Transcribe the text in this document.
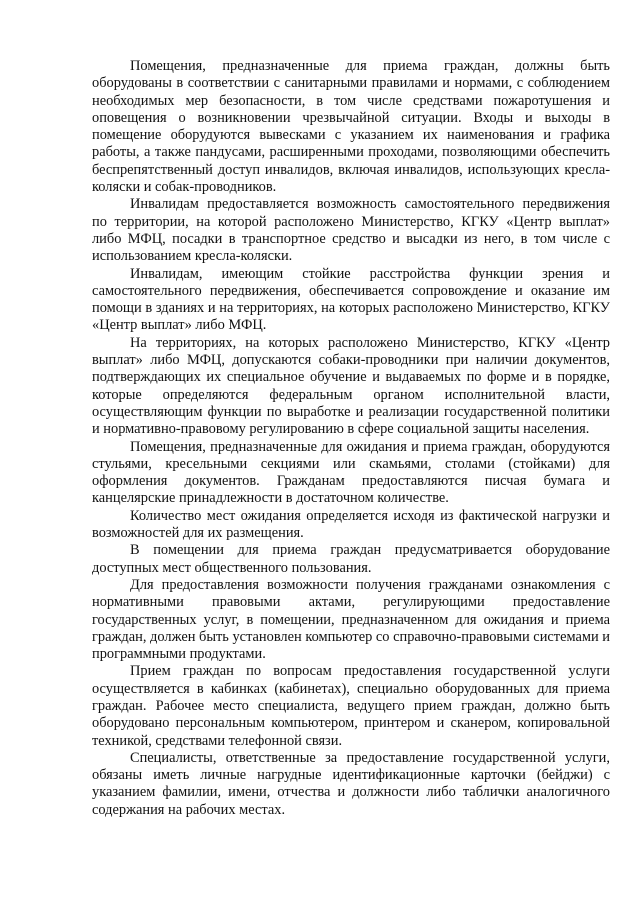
Помещения, предназначенные для приема граждан, должны быть оборудованы в соответствии с санитарными правилами и нормами, с соблюдением необходимых мер безопасности, в том числе средствами пожаротушения и оповещения о возникновении чрезвычайной ситуации. Входы и выходы в помещение оборудуются вывесками с указанием их наименования и графика работы, а также пандусами, расширенными проходами, позволяющими обеспечить беспрепятственный доступ инвалидов, включая инвалидов, использующих кресла-коляски и собак-проводников.

Инвалидам предоставляется возможность самостоятельного передвижения по территории, на которой расположено Министерство, КГКУ «Центр выплат» либо МФЦ, посадки в транспортное средство и высадки из него, в том числе с использованием кресла-коляски.

Инвалидам, имеющим стойкие расстройства функции зрения и самостоятельного передвижения, обеспечивается сопровождение и оказание им помощи в зданиях и на территориях, на которых расположено Министерство, КГКУ «Центр выплат» либо МФЦ.

На территориях, на которых расположено Министерство, КГКУ «Центр выплат» либо МФЦ, допускаются собаки-проводники при наличии документов, подтверждающих их специальное обучение и выдаваемых по форме и в порядке, которые определяются федеральным органом исполнительной власти, осуществляющим функции по выработке и реализации государственной политики и нормативно-правовому регулированию в сфере социальной защиты населения.

Помещения, предназначенные для ожидания и приема граждан, оборудуются стульями, кресельными секциями или скамьями, столами (стойками) для оформления документов. Гражданам предоставляются писчая бумага и канцелярские принадлежности в достаточном количестве.

Количество мест ожидания определяется исходя из фактической нагрузки и возможностей для их размещения.

В помещении для приема граждан предусматривается оборудование доступных мест общественного пользования.

Для предоставления возможности получения гражданами ознакомления с нормативными правовыми актами, регулирующими предоставление государственных услуг, в помещении, предназначенном для ожидания и приема граждан, должен быть установлен компьютер со справочно-правовыми системами и программными продуктами.

Прием граждан по вопросам предоставления государственной услуги осуществляется в кабинках (кабинетах), специально оборудованных для приема граждан. Рабочее место специалиста, ведущего прием граждан, должно быть оборудовано персональным компьютером, принтером и сканером, копировальной техникой, средствами телефонной связи.

Специалисты, ответственные за предоставление государственной услуги, обязаны иметь личные нагрудные идентификационные карточки (бейджи) с указанием фамилии, имени, отчества и должности либо таблички аналогичного содержания на рабочих местах.
